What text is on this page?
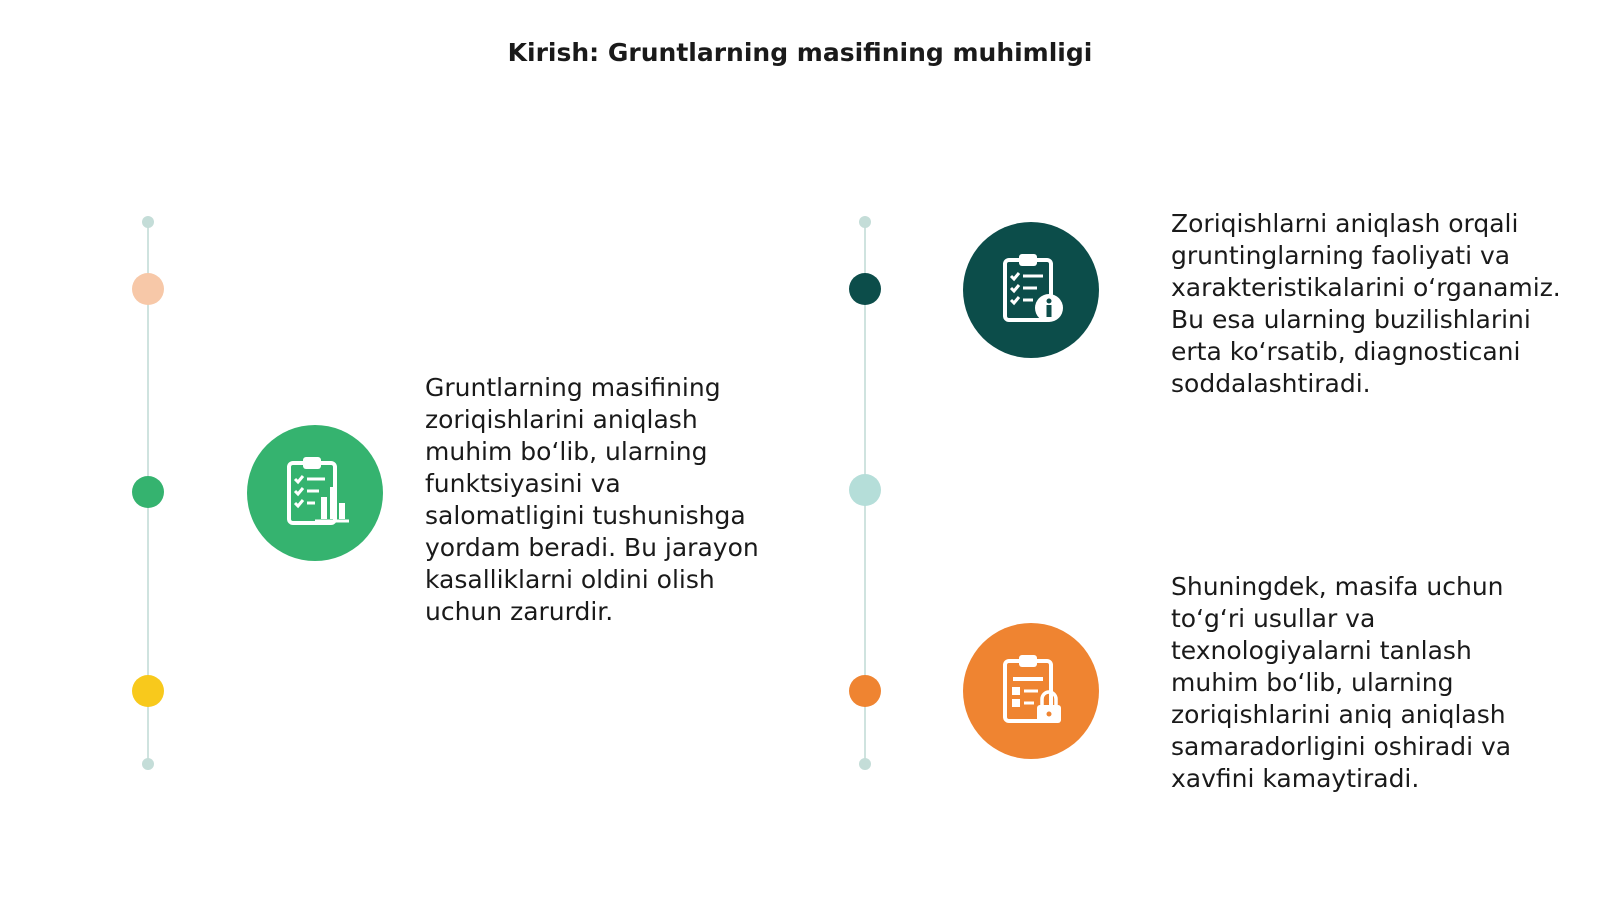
Kirish: Gruntlarning masifining muhimligi
Gruntlarning masifining zoriqishlarini aniqlash muhim bo‘lib, ularning funktsiyasini va salomatligini tushunishga yordam beradi. Bu jarayon kasalliklarni oldini olish uchun zarurdir.
Zoriqishlarni aniqlash orqali gruntinglarning faoliyati va xarakteristikalarini o‘rganamiz. Bu esa ularning buzilishlarini erta ko‘rsatib, diagnosticani soddalashtiradi.
Shuningdek, masifa uchun to‘g‘ri usullar va texnologiyalarni tanlash muhim bo‘lib, ularning zoriqishlarini aniq aniqlash samaradorligini oshiradi va xavfini kamaytiradi.
